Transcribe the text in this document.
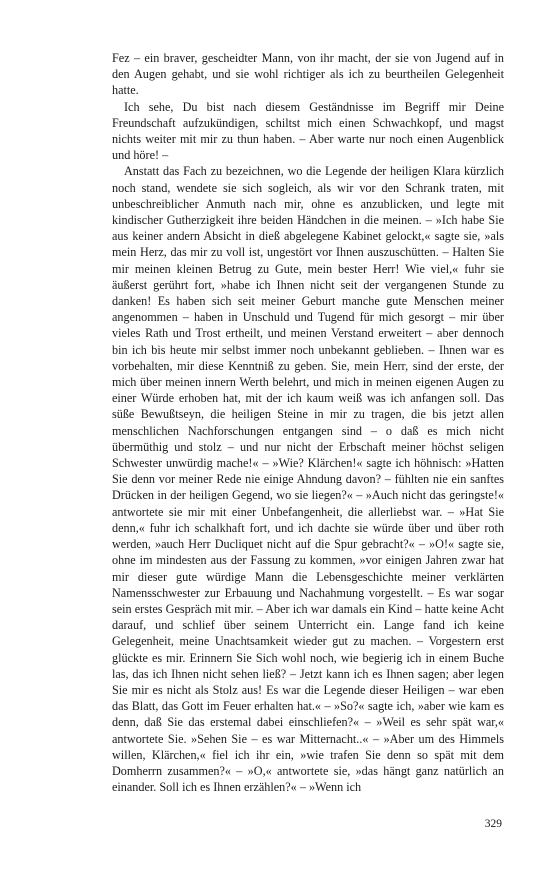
Fez – ein braver, gescheidter Mann, von ihr macht, der sie von Jugend auf in den Augen gehabt, und sie wohl richtiger als ich zu beurtheilen Gelegenheit hatte.

Ich sehe, Du bist nach diesem Geständnisse im Begriff mir Deine Freundschaft aufzukündigen, schiltst mich einen Schwachkopf, und magst nichts weiter mit mir zu thun haben. – Aber warte nur noch einen Augenblick und höre! –

Anstatt das Fach zu bezeichnen, wo die Legende der heiligen Klara kürzlich noch stand, wendete sie sich sogleich, als wir vor den Schrank traten, mit unbeschreiblicher Anmuth nach mir, ohne es anzublicken, und legte mit kindischer Gutherzigkeit ihre beiden Händchen in die meinen. – »Ich habe Sie aus keiner andern Absicht in dieß abgelegene Kabinet gelockt,« sagte sie, »als mein Herz, das mir zu voll ist, ungestört vor Ihnen auszuschütten. – Halten Sie mir meinen kleinen Betrug zu Gute, mein bester Herr! Wie viel,« fuhr sie äußerst gerührt fort, »habe ich Ihnen nicht seit der vergangenen Stunde zu danken! Es haben sich seit meiner Geburt manche gute Menschen meiner angenommen – haben in Unschuld und Tugend für mich gesorgt – mir über vieles Rath und Trost ertheilt, und meinen Verstand erweitert – aber dennoch bin ich bis heute mir selbst immer noch unbekannt geblieben. – Ihnen war es vorbehalten, mir diese Kenntniß zu geben. Sie, mein Herr, sind der erste, der mich über meinen innern Werth belehrt, und mich in meinen eigenen Augen zu einer Würde erhoben hat, mit der ich kaum weiß was ich anfangen soll. Das süße Bewußtseyn, die heiligen Steine in mir zu tragen, die bis jetzt allen menschlichen Nachforschungen entgangen sind – o daß es mich nicht übermüthig und stolz – und nur nicht der Erbschaft meiner höchst seligen Schwester unwürdig mache!« – »Wie? Klärchen!« sagte ich höhnisch: »Hatten Sie denn vor meiner Rede nie einige Ahndung davon? – fühlten nie ein sanftes Drücken in der heiligen Gegend, wo sie liegen?« – »Auch nicht das geringste!« antwortete sie mir mit einer Unbefangenheit, die allerliebst war. – »Hat Sie denn,« fuhr ich schalkhaft fort, und ich dachte sie würde über und über roth werden, »auch Herr Ducliquet nicht auf die Spur gebracht?« – »O!« sagte sie, ohne im mindesten aus der Fassung zu kommen, »vor einigen Jahren zwar hat mir dieser gute würdige Mann die Lebensgeschichte meiner verklärten Namensschwester zur Erbauung und Nachahmung vorgestellt. – Es war sogar sein erstes Gespräch mit mir. – Aber ich war damals ein Kind – hatte keine Acht darauf, und schlief über seinem Unterricht ein. Lange fand ich keine Gelegenheit, meine Unachtsamkeit wieder gut zu machen. – Vorgestern erst glückte es mir. Erinnern Sie Sich wohl noch, wie begierig ich in einem Buche las, das ich Ihnen nicht sehen ließ? – Jetzt kann ich es Ihnen sagen; aber legen Sie mir es nicht als Stolz aus! Es war die Legende dieser Heiligen – war eben das Blatt, das Gott im Feuer erhalten hat.« – »So?« sagte ich, »aber wie kam es denn, daß Sie das erstemal dabei einschliefen?« – »Weil es sehr spät war,« antwortete Sie. »Sehen Sie – es war Mitternacht..« – »Aber um des Himmels willen, Klärchen,« fiel ich ihr ein, »wie trafen Sie denn so spät mit dem Domherrn zusammen?« – »O,« antwortete sie, »das hängt ganz natürlich an einander. Soll ich es Ihnen erzählen?« – »Wenn ich

329
